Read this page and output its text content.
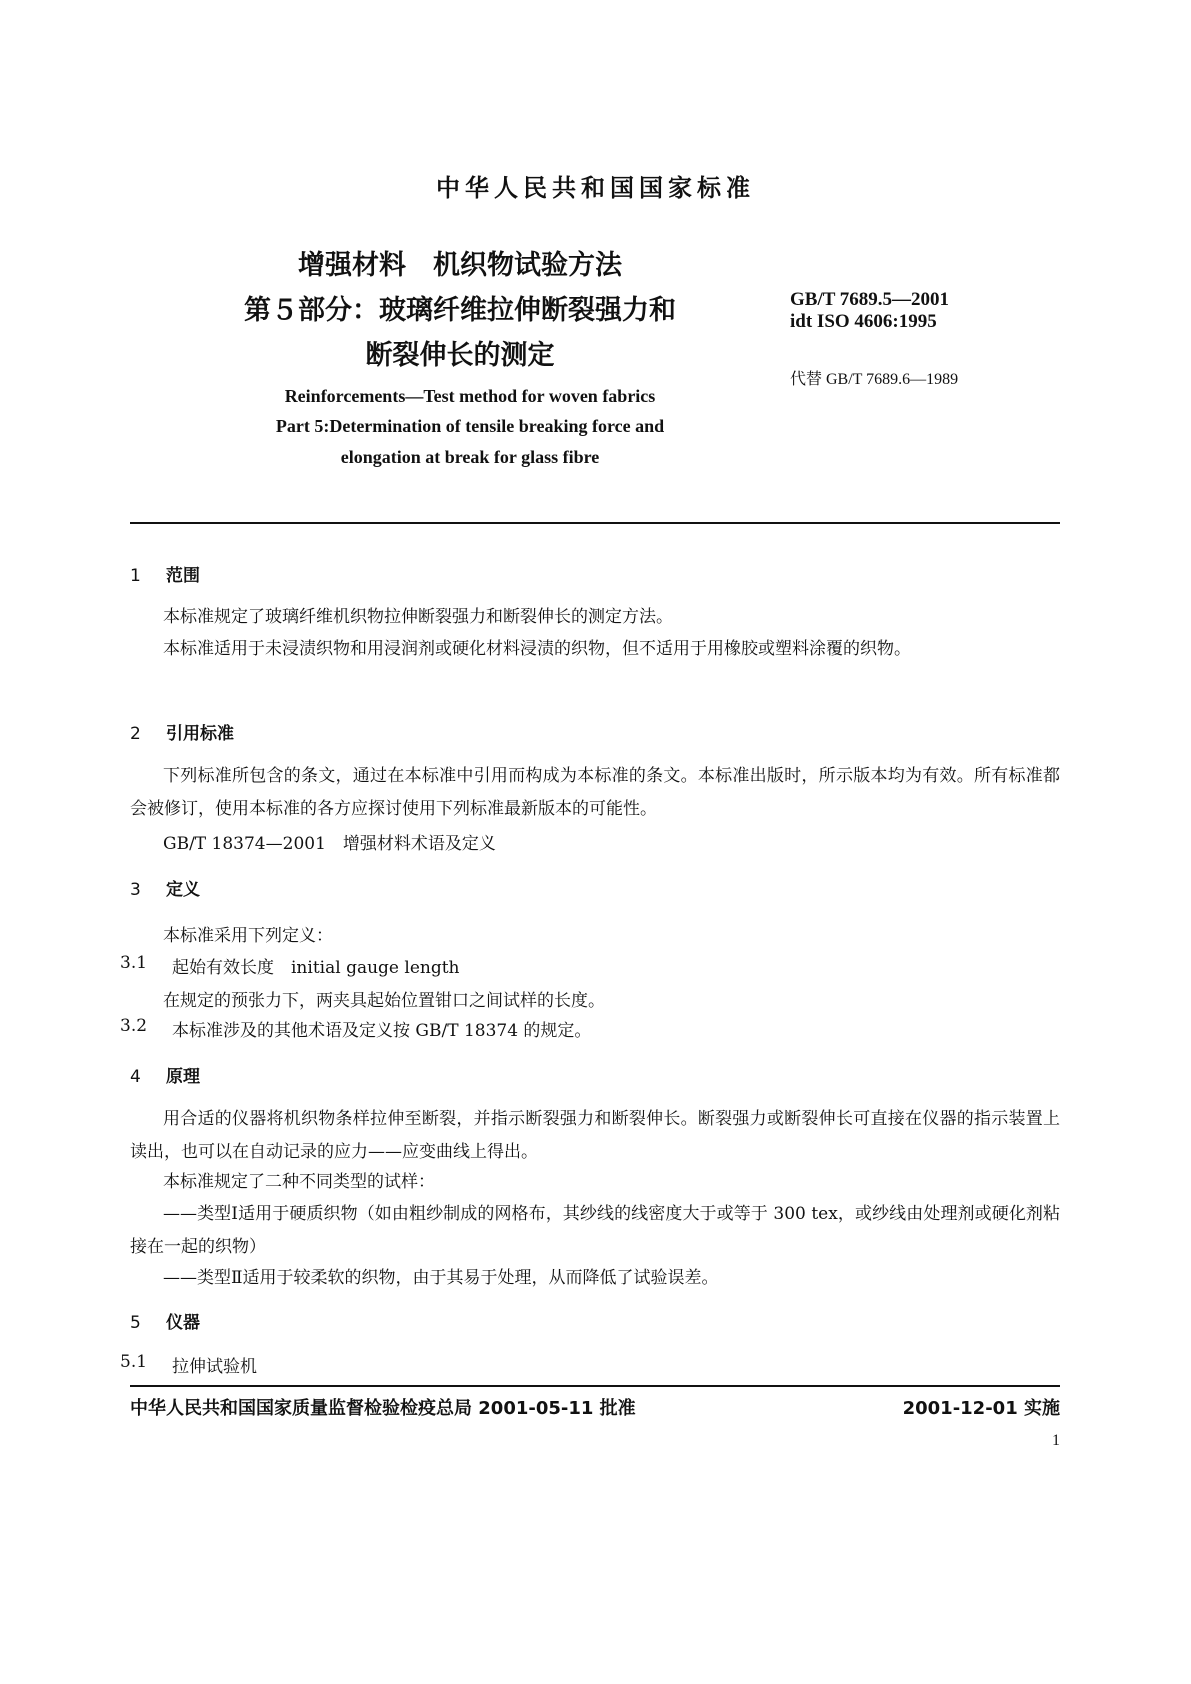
中华人民共和国国家标准
增强材料　机织物试验方法
第５部分：玻璃纤维拉伸断裂强力和
断裂伸长的测定
GB/T 7689.5—2001
idt ISO 4606:1995
代替 GB/T 7689.6—1989
Reinforcements—Test method for woven fabrics
Part 5:Determination of tensile breaking force and
elongation at break for glass fibre
1 范围
本标准规定了玻璃纤维机织物拉伸断裂强力和断裂伸长的测定方法。
本标准适用于未浸渍织物和用浸润剂或硬化材料浸渍的织物，但不适用于用橡胶或塑料涂覆的织物。
2 引用标准
下列标准所包含的条文，通过在本标准中引用而构成为本标准的条文。本标准出版时，所示版本均为有效。所有标准都会被修订，使用本标准的各方应探讨使用下列标准最新版本的可能性。
GB/T 18374—2001　增强材料术语及定义
3 定义
本标准采用下列定义：
3.1 起始有效长度　initial gauge length
在规定的预张力下，两夹具起始位置钳口之间试样的长度。
3.2 本标准涉及的其他术语及定义按 GB/T 18374 的规定。
4 原理
用合适的仪器将机织物条样拉伸至断裂，并指示断裂强力和断裂伸长。断裂强力或断裂伸长可直接在仪器的指示装置上读出，也可以在自动记录的应力——应变曲线上得出。
本标准规定了二种不同类型的试样：
——类型Ⅰ适用于硬质织物（如由粗纱制成的网格布，其纱线的线密度大于或等于 300 tex，或纱线由处理剂或硬化剂粘接在一起的织物）
——类型Ⅱ适用于较柔软的织物，由于其易于处理，从而降低了试验误差。
5 仪器
5.1 拉伸试验机
中华人民共和国国家质量监督检验检疫总局 2001-05-11 批准	2001-12-01 实施
1
